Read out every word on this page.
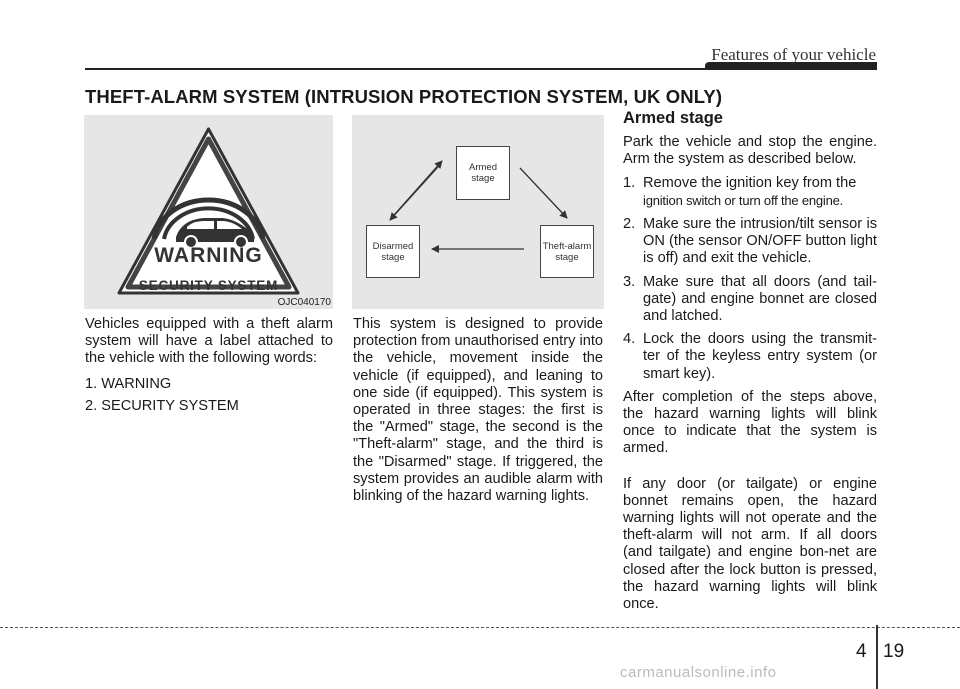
Features of your vehicle
THEFT-ALARM SYSTEM (INTRUSION PROTECTION SYSTEM, UK ONLY)
WARNING
SECURITY SYSTEM
OJC040170
Armed
stage
Disarmed
stage
Theft-alarm
stage

Vehicles equipped with a theft alarm system will have a label attached to the vehicle with the following words:

1. WARNING

2. SECURITY SYSTEM

This system is designed to provide protection from unauthorised entry into the vehicle, movement inside the vehicle (if equipped), and leaning to one side (if equipped). This system is operated in three stages: the first is the "Armed" stage, the second is the "Theft-alarm" stage, and the third is the "Disarmed" stage. If triggered, the system provides an audible alarm with blinking of the hazard warning lights.

Armed stage

Park the vehicle and stop the engine. Arm the system as described below.

1. Remove the ignition key from the
ignition switch or turn off the engine.
2. Make sure the intrusion/tilt sensor is ON (the sensor ON/OFF button light is off) and exit the vehicle.
3. Make sure that all doors (and tail-gate) and engine bonnet are closed and latched.
4. Lock the doors using the transmit-ter of the keyless entry system (or smart key).

After completion of the steps above, the hazard warning lights will blink once to indicate that the system is armed.

If any door (or tailgate) or engine bonnet remains open, the hazard warning lights will not operate and the theft-alarm will not arm. If all doors (and tailgate) and engine bon-net are closed after the lock button is pressed, the hazard warning lights will blink once.

4 19
carmanualsonline.info
